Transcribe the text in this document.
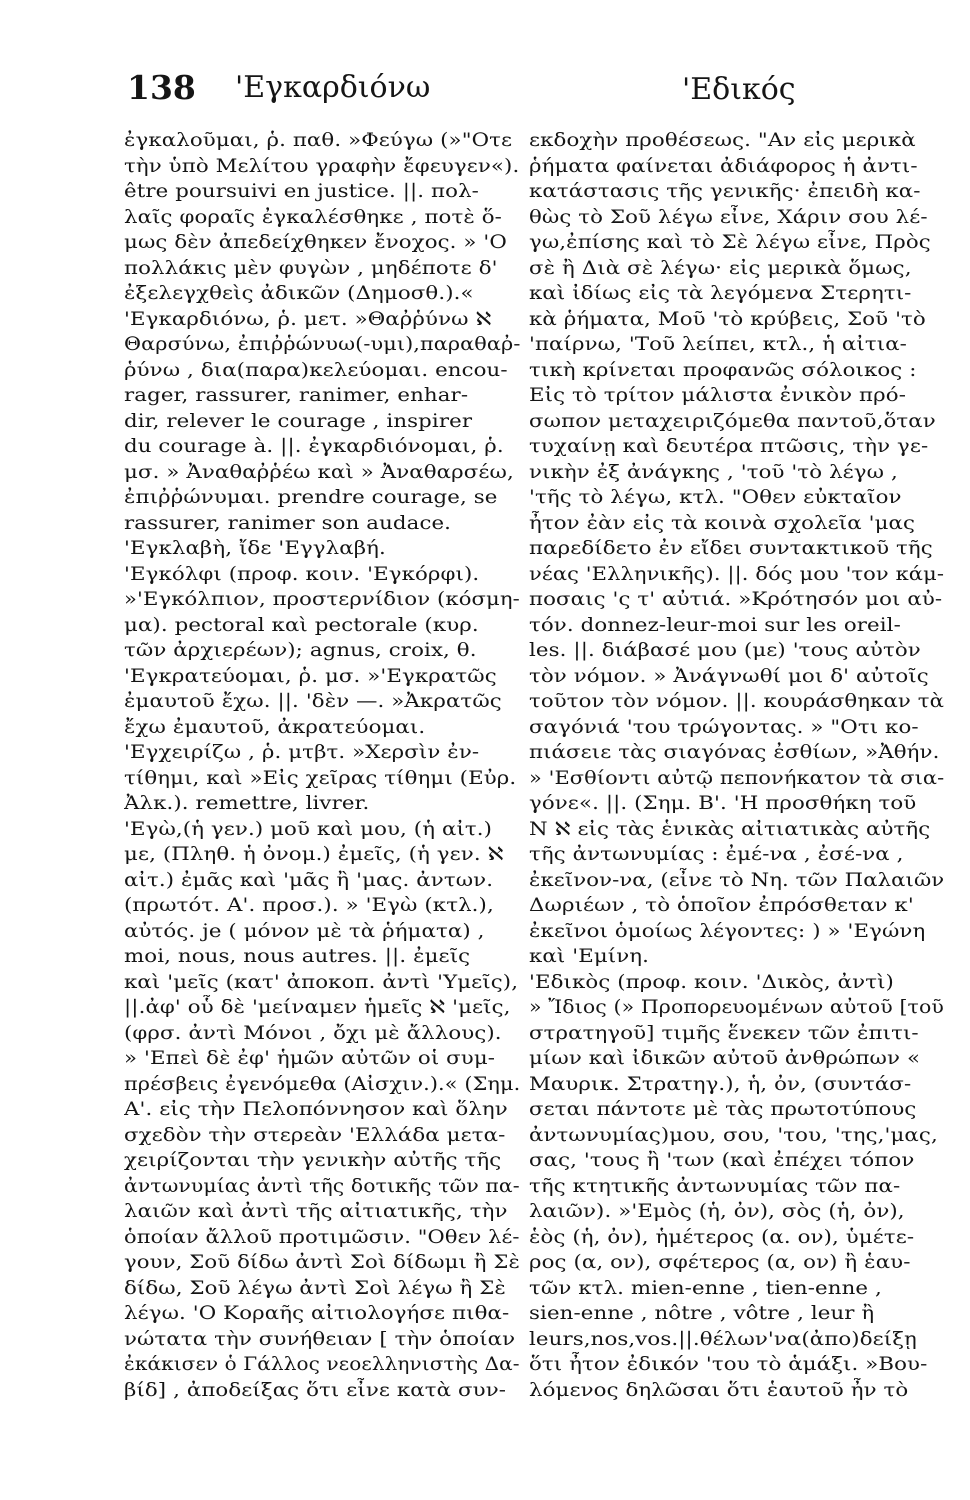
138 'Εγκαρδιόνω	'Εδικός
ἐγκαλοῦμαι, ῥ. παθ. »Φεύγω (»"Οτε
τὴν ὑπὸ Μελίτου γραφὴν ἔφευγεν«).
être poursuivi en justice. ||. πολ-
λαῖς φοραῖς ἐγκαλέσθηκε , ποτὲ ὅ-
μως δὲν ἀπεδείχθηκεν ἔνοχος. » 'Ο
πολλάκις μὲν φυγὼν , μηδέποτε δ'
ἐξελεγχθεὶς ἀδικῶν (Δημοσθ.).«
'Εγκαρδιόνω, ῥ. μετ. »Θαῤῥύνω ℵ
Θαρσύνω, ἐπιῤῥώνυω(-υμι),παραθαῤ-
ῥύνω , δια(παρα)κελεύομαι. encou-
rager, rassurer, ranimer, enhar-
dir, relever le courage , inspirer
du courage à. ||. ἐγκαρδιόνομαι, ῥ.
μσ. » Ἀναθαῤῥέω καὶ » Ἀναθαρσέω,
ἐπιῤῥώνυμαι. prendre courage, se
rassurer, ranimer son audace.
'Εγκλαβὴ, ἴδε 'Εγγλαβή.
'Εγκόλφι (προφ. κοιν. 'Εγκόρφι).
»'Εγκόλπιον, προστερνίδιον (κόσμη-
μα). pectoral καὶ pectorale (κυρ.
τῶν ἀρχιερέων); agnus, croix, θ.
'Εγκρατεύομαι, ῥ. μσ. »'Εγκρατῶς
ἐμαυτοῦ ἔχω. ||. 'δὲν —. »Ἀκρατῶς
ἔχω ἐμαυτοῦ, ἀκρατεύομαι.
'Εγχειρίζω , ῥ. μτβτ. »Χερσὶν ἐν-
τίθημι, καὶ »Εἰς χεῖρας τίθημι (Εὐρ.
Ἀλκ.). remettre, livrer.
'Εγὼ,(ἡ γεν.) μοῦ καὶ μου, (ἡ αἰτ.)
με, (Πληθ. ἡ ὀνομ.) ἐμεῖς, (ἡ γεν. ℵ
αἰτ.) ἐμᾶς καὶ 'μᾶς ἢ 'μας. ἀντων.
(πρωτότ. Α'. προσ.). » 'Εγὼ (κτλ.),
αὐτός. je ( μόνον μὲ τὰ ῥήματα) ,
moi, nous, nous autres. ||. ἐμεῖς
καὶ 'μεῖς (κατ' ἀποκοπ. ἀντὶ 'Υμεῖς),
||.ἀφ' οὗ δὲ 'μείναμεν ἡμεῖς ℵ 'μεῖς,
(φρσ. ἀντὶ Μόνοι , ὄχι μὲ ἄλλους).
» 'Επεὶ δὲ ἐφ' ἡμῶν αὐτῶν οἱ συμ-
πρέσβεις ἐγενόμεθα (Αἰσχιν.).« (Σημ.
Α'. εἰς τὴν Πελοπόννησον καὶ ὅλην
σχεδὸν τὴν στερεὰν 'Ελλάδα μετα-
χειρίζονται τὴν γενικὴν αὐτῆς τῆς
ἀντωνυμίας ἀντὶ τῆς δοτικῆς τῶν πα-
λαιῶν καὶ ἀντὶ τῆς αἰτιατικῆς, τὴν
ὁποίαν ἄλλοῦ προτιμῶσιν. "Οθεν λέ-
γουν, Σοῦ δίδω ἀντὶ Σοὶ δίδωμι ἢ Σὲ
δίδω, Σοῦ λέγω ἀντὶ Σοὶ λέγω ἢ Σὲ
λέγω. 'Ο Κοραῆς αἰτιολογήσε πιθα-
νώτατα τὴν συνήθειαν [ τὴν ὁποίαν
ἐκάκισεν ὁ Γάλλος νεοελληνιστὴς Δα-
βίδ] , ἀποδείξας ὅτι εἶνε κατὰ συν-
εκδοχὴν προθέσεως. "Αν εἰς μερικὰ
ῥήματα φαίνεται ἀδιάφορος ἡ ἀντι-
κατάστασις τῆς γενικῆς· ἐπειδὴ κα-
θὼς τὸ Σοῦ λέγω εἶνε, Χάριν σου λέ-
γω,ἐπίσης καὶ τὸ Σὲ λέγω εἶνε, Πρὸς
σὲ ἢ Διὰ σὲ λέγω· εἰς μερικὰ ὅμως,
καὶ ἰδίως εἰς τὰ λεγόμενα Στερητι-
κὰ ῥήματα, Μοῦ 'τὸ κρύβεις, Σοῦ 'τὸ
'παίρνω, 'Τοῦ λείπει, κτλ., ἡ αἰτια-
τικὴ κρίνεται προφανῶς σόλοικος :
Εἰς τὸ τρίτον μάλιστα ἐνικὸν πρό-
σωπον μεταχειριζόμεθα παντοῦ,ὅταν
τυχαίνῃ καὶ δευτέρα πτῶσις, τὴν γε-
νικὴν ἐξ ἀνάγκης , 'τοῦ 'τὸ λέγω ,
'τῆς τὸ λέγω, κτλ. "Οθεν εὐκταῖον
ἦτον ἐὰν εἰς τὰ κοινὰ σχολεῖα 'μας
παρεδίδετο ἐν εἴδει συντακτικοῦ τῆς
νέας 'Ελληνικῆς). ||. δός μου 'τον κάμ-
ποσαις 'ς τ' αὐτιά. »Κρότησόν μοι αὐ-
τόν. donnez-leur-moi sur les oreil-
les. ||. διάβασέ μου (με) 'τους αὐτὸν
τὸν νόμον. » Ἀνάγνωθί μοι δ' αὐτοῖς
τοῦτον τὸν νόμον. ||. κουράσθηκαν τὰ
σαγόνιά 'του τρώγοντας. » "Οτι κο-
πιάσειε τὰς σιαγόνας ἐσθίων, »Ἀθήν.
» 'Εσθίοντι αὐτῷ πεπονήκατον τὰ σια-
γόνε«. ||. (Σημ. Β'. 'Η προσθήκη τοῦ
Ν ℵ εἰς τὰς ἑνικὰς αἰτιατικὰς αὐτῆς
τῆς ἀντωνυμίας : ἐμέ-να , ἐσέ-να ,
ἐκεῖνον-να, (εἶνε τὸ Νη. τῶν Παλαιῶν
Δωριέων , τὸ ὁποῖον ἐπρόσθεταν κ'
ἐκεῖνοι ὁμοίως λέγοντες: ) » 'Εγώνη
καὶ 'Εμίνη.
'Εδικὸς (προφ. κοιν. 'Δικὸς, ἀντὶ)
» Ἴδιος (» Προπορευομένων αὐτοῦ [τοῦ
στρατηγοῦ] τιμῆς ἕνεκεν τῶν ἐπιτι-
μίων καὶ ἰδικῶν αὐτοῦ ἀνθρώπων «
Μαυρικ. Στρατηγ.), ἡ, ὀν, (συντάσ-
σεται πάντοτε μὲ τὰς πρωτοτύπους
ἀντωνυμίας)μου, σου, 'του, 'της,'μας,
σας, 'τους ἢ 'των (καὶ ἐπέχει τόπον
τῆς κτητικῆς ἀντωνυμίας τῶν πα-
λαιῶν). »'Εμὸς (ἡ, ὀν), σὸς (ἡ, ὀν),
ἑὸς (ἡ, ὀν), ἡμέτερος (α. ον), ὑμέτε-
ρος (α, ον), σφέτερος (α, ον) ἢ ἑαυ-
τῶν κτλ. mien-enne , tien-enne ,
sien-enne , nôtre , vôtre , leur ἢ
leurs,nos,vos.||.θέλων'να(ἀπο)δείξῃ
ὅτι ἦτον ἐδικόν 'του τὸ ἁμάξι. »Βου-
λόμενος δηλῶσαι ὅτι ἑαυτοῦ ἦν τὸ
